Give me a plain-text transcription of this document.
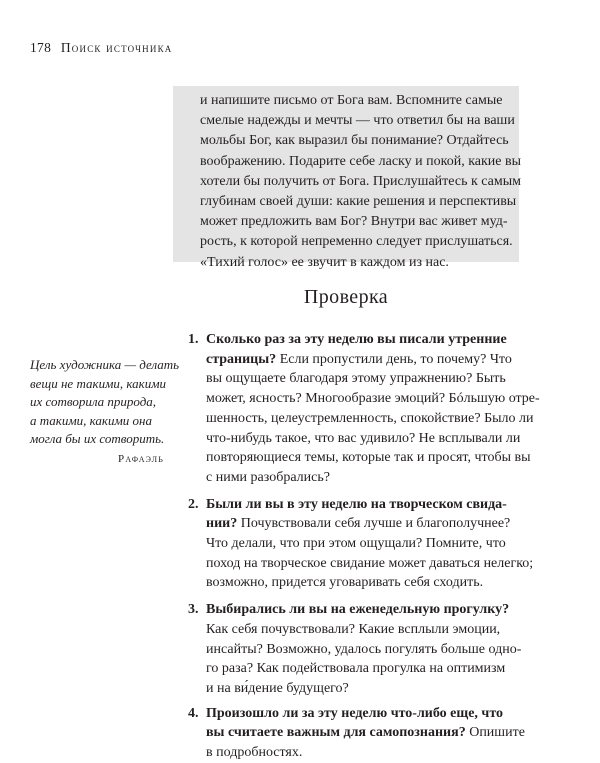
178 Поиск источника
и напишите письмо от Бога вам. Вспомните самые
смелые надежды и мечты — что ответил бы на ваши
мольбы Бог, как выразил бы понимание? Отдайтесь
воображению. Подарите себе ласку и покой, какие вы
хотели бы получить от Бога. Прислушайтесь к самым
глубинам своей души: какие решения и перспективы
может предложить вам Бог? Внутри вас живет муд-
рость, к которой непременно следует прислушаться.
«Тихий голос» ее звучит в каждом из нас.
Проверка
Цель художника — делать
вещи не такими, какими
их сотворила природа,
а такими, какими она
могла бы их сотворить.
Рафаэль
1. Сколько раз за эту неделю вы писали утренние
страницы? Если пропустили день, то почему? Что
вы ощущаете благодаря этому упражнению? Быть
может, ясность? Многообразие эмоций? Бóльшую отре-
шенность, целеустремленность, спокойствие? Было ли
что-нибудь такое, что вас удивило? Не всплывали ли
повторяющиеся темы, которые так и просят, чтобы вы
с ними разобрались?
2. Были ли вы в эту неделю на творческом свида-
нии? Почувствовали себя лучше и благополучнее?
Что делали, что при этом ощущали? Помните, что
поход на творческое свидание может даваться нелегко;
возможно, придется уговаривать себя сходить.
3. Выбирались ли вы на еженедельную прогулку?
Как себя почувствовали? Какие всплыли эмоции,
инсайты? Возможно, удалось погулять больше одно-
го раза? Как подействовала прогулка на оптимизм
и на ви́дение будущего?
4. Произошло ли за эту неделю что-либо еще, что
вы считаете важным для самопознания? Опишите
в подробностях.
